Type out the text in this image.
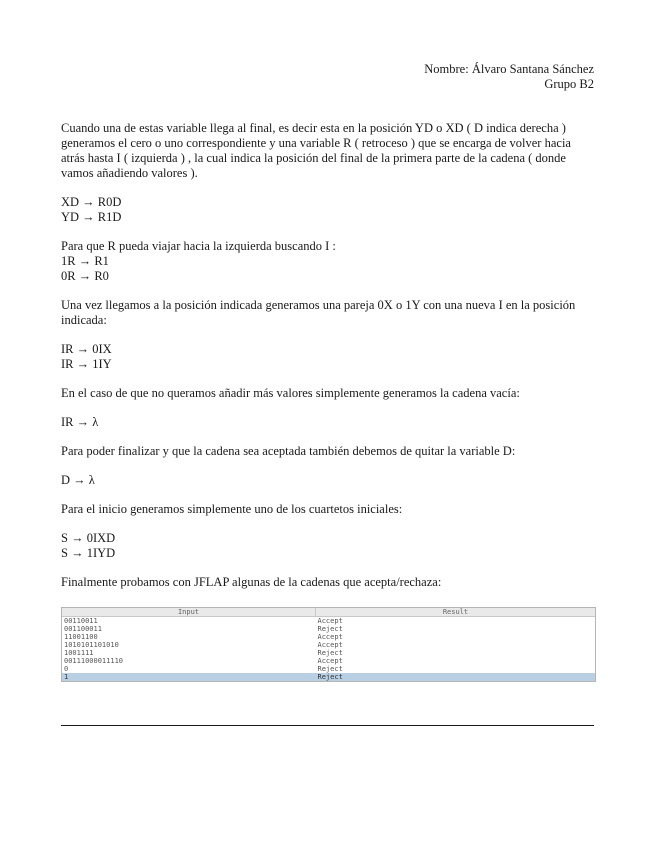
Nombre: Álvaro Santana Sánchez
Grupo B2

Cuando una de estas variable llega al final, es decir esta en la posición YD o XD ( D indica derecha ) generamos el cero o uno correspondiente y una variable R ( retroceso ) que se encarga de volver hacia atrás hasta I ( izquierda ) , la cual indica la posición del final de la primera parte de la cadena ( donde vamos añadiendo valores ).

XD → R0D

YD → R1D

Para que R pueda viajar hacia la izquierda buscando I :

1R → R1

0R → R0

Una vez llegamos a la posición indicada generamos una pareja 0X o 1Y con una nueva I en la posición indicada:

IR → 0IX

IR → 1IY

En el caso de que no queramos añadir más valores simplemente generamos la cadena vacía:

IR → λ

Para poder finalizar y que la cadena sea aceptada también debemos de quitar la variable D:

D → λ

Para el inicio generamos simplemente uno de los cuartetos iniciales:

S → 0IXD

S → 1IYD

Finalmente probamos con JFLAP algunas de la cadenas que acepta/rechaza:

Input	Result
00110011	Accept
001100011	Reject
11001100	Accept
1010101101010	Accept
1001111	Reject
00111000011110	Accept
0	Reject
1	Reject
